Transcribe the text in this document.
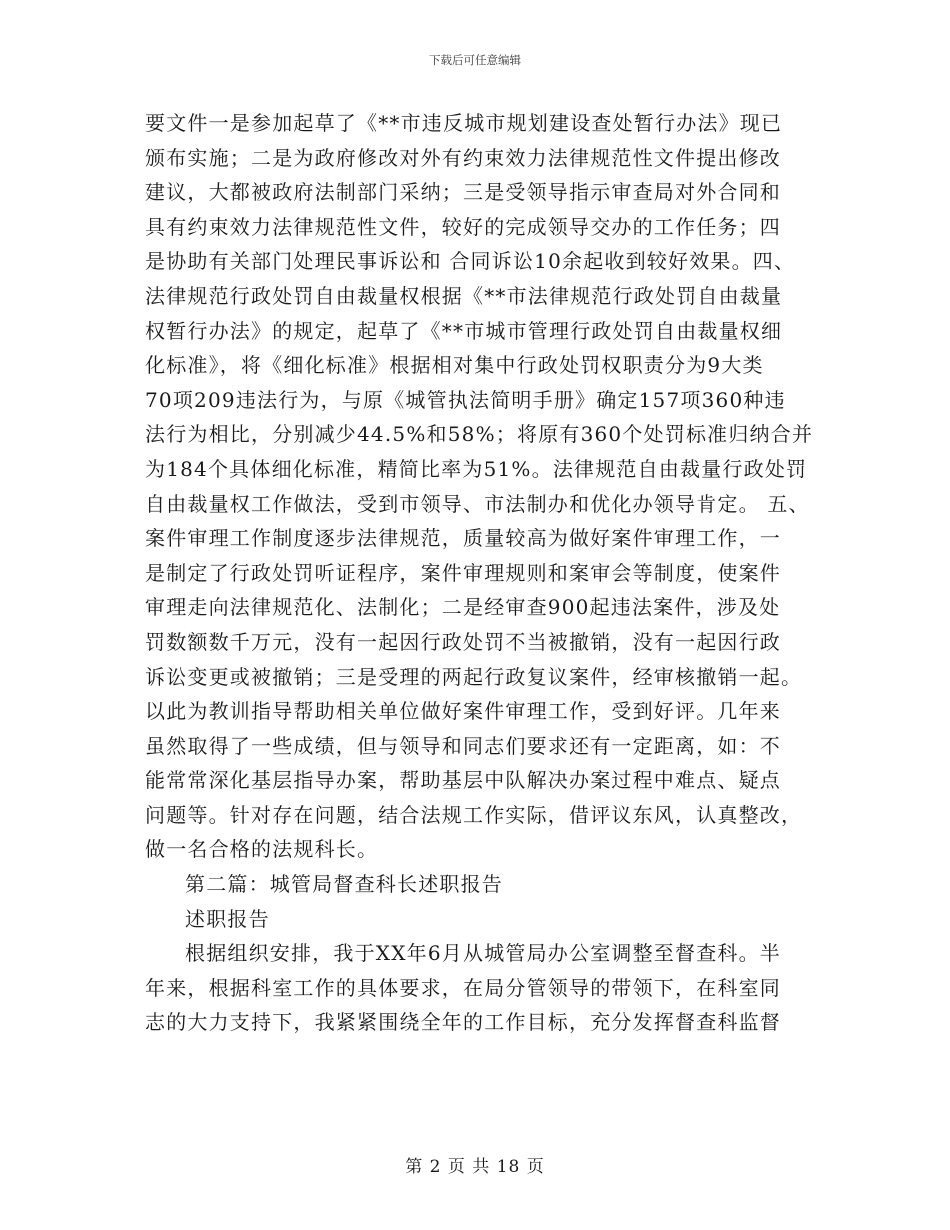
下载后可任意编辑
要文件一是参加起草了《**市违反城市规划建设查处暂行办法》现已
颁布实施；二是为政府修改对外有约束效力法律规范性文件提出修改
建议，大都被政府法制部门采纳；三是受领导指示审查局对外合同和
具有约束效力法律规范性文件，较好的完成领导交办的工作任务；四
是协助有关部门处理民事诉讼和 合同诉讼10余起收到较好效果。四、
法律规范行政处罚自由裁量权根据《**市法律规范行政处罚自由裁量
权暂行办法》的规定，起草了《**市城市管理行政处罚自由裁量权细
化标准》，将《细化标准》根据相对集中行政处罚权职责分为9大类
70项209违法行为，与原《城管执法简明手册》确定157项360种违
法行为相比，分别减少44.5%和58%；将原有360个处罚标准归纳合并
为184个具体细化标准，精简比率为51%。法律规范自由裁量行政处罚
自由裁量权工作做法，受到市领导、市法制办和优化办领导肯定。 五、
案件审理工作制度逐步法律规范，质量较高为做好案件审理工作，一
是制定了行政处罚听证程序，案件审理规则和案审会等制度，使案件
审理走向法律规范化、法制化；二是经审查900起违法案件，涉及处
罚数额数千万元，没有一起因行政处罚不当被撤销，没有一起因行政
诉讼变更或被撤销；三是受理的两起行政复议案件，经审核撤销一起。
以此为教训指导帮助相关单位做好案件审理工作，受到好评。几年来
虽然取得了一些成绩，但与领导和同志们要求还有一定距离，如：不
能常常深化基层指导办案，帮助基层中队解决办案过程中难点、疑点
问题等。针对存在问题，结合法规工作实际，借评议东风，认真整改，
做一名合格的法规科长。
第二篇：城管局督查科长述职报告
述职报告
根据组织安排，我于XX年6月从城管局办公室调整至督查科。半
年来，根据科室工作的具体要求，在局分管领导的带领下，在科室同
志的大力支持下，我紧紧围绕全年的工作目标，充分发挥督查科监督
第 2 页 共 18 页
